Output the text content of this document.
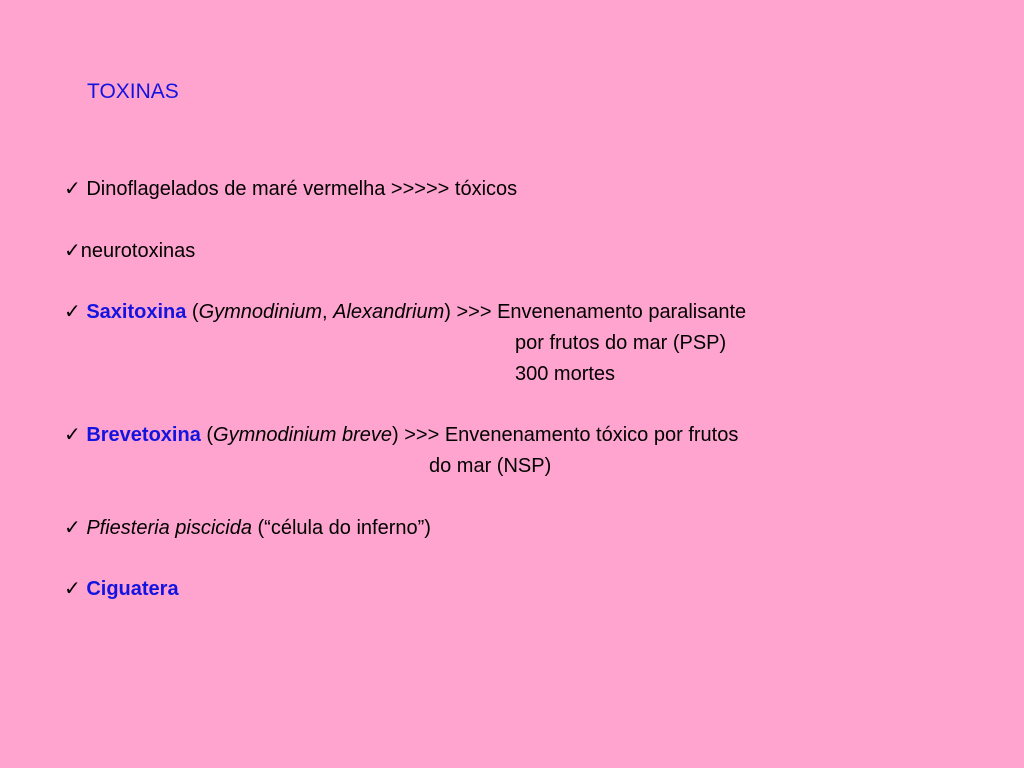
TOXINAS
✓ Dinoflagelados de maré vermelha >>>>> tóxicos
✓neurotoxinas
✓ Saxitoxina (Gymnodinium, Alexandrium) >>> Envenenamento paralisante
por frutos do mar (PSP)
300 mortes
✓ Brevetoxina (Gymnodinium breve) >>> Envenenamento tóxico por frutos
do mar (NSP)
✓ Pfiesteria piscicida (“célula do inferno”)
✓ Ciguatera
